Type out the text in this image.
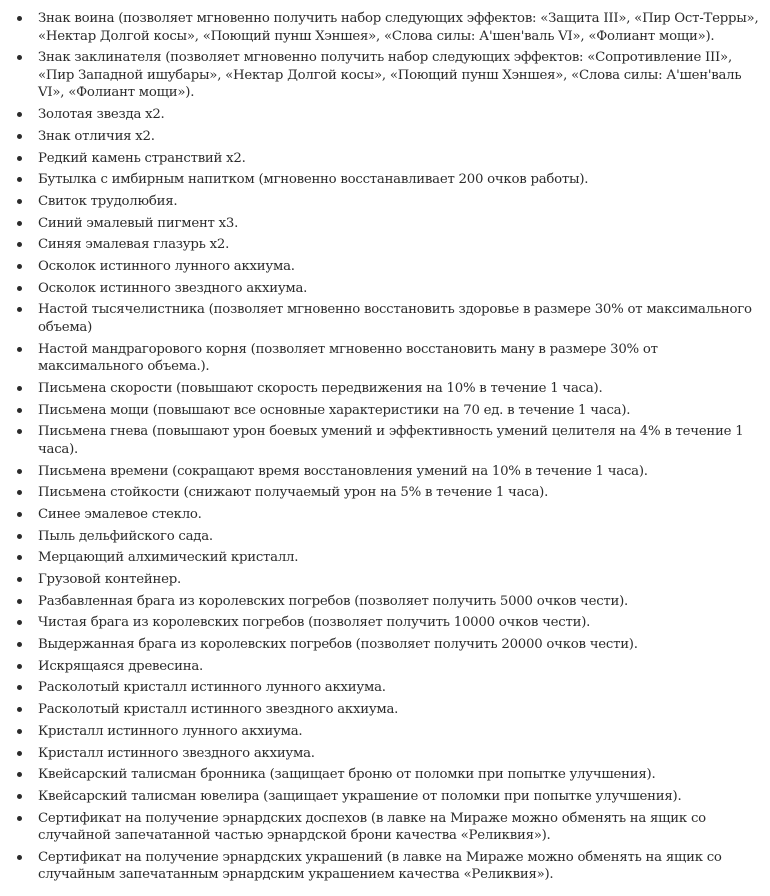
Знак воина (позволяет мгновенно получить набор следующих эффектов: «Защита III», «Пир Ост-Терры», «Нектар Долгой косы», «Поющий пунш Хэншея», «Слова силы: А'шен'валь VI», «Фолиант мощи»).
Знак заклинателя (позволяет мгновенно получить набор следующих эффектов: «Сопротивление III», «Пир Западной ишубары», «Нектар Долгой косы», «Поющий пунш Хэншея», «Слова силы: А'шен'валь VI», «Фолиант мощи»).
Золотая звезда x2.
Знак отличия x2.
Редкий камень странствий x2.
Бутылка с имбирным напитком (мгновенно восстанавливает 200 очков работы).
Свиток трудолюбия.
Синий эмалевый пигмент x3.
Синяя эмалевая глазурь x2.
Осколок истинного лунного акхиума.
Осколок истинного звездного акхиума.
Настой тысячелистника (позволяет мгновенно восстановить здоровье в размере 30% от максимального объема)
Настой мандрагорового корня (позволяет мгновенно восстановить ману в размере 30% от максимального объема.).
Письмена скорости (повышают скорость передвижения на 10% в течение 1 часа).
Письмена мощи (повышают все основные характеристики на 70 ед. в течение 1 часа).
Письмена гнева (повышают урон боевых умений и эффективность умений целителя на 4% в течение 1 часа).
Письмена времени (сокращают время восстановления умений на 10% в течение 1 часа).
Письмена стойкости (снижают получаемый урон на 5% в течение 1 часа).
Синее эмалевое стекло.
Пыль дельфийского сада.
Мерцающий алхимический кристалл.
Грузовой контейнер.
Разбавленная брага из королевских погребов (позволяет получить 5000 очков чести).
Чистая брага из королевских погребов (позволяет получить 10000 очков чести).
Выдержанная брага из королевских погребов (позволяет получить 20000 очков чести).
Искрящаяся древесина.
Расколотый кристалл истинного лунного акхиума.
Расколотый кристалл истинного звездного акхиума.
Кристалл истинного лунного акхиума.
Кристалл истинного звездного акхиума.
Квейсарский талисман бронника (защищает броню от поломки при попытке улучшения).
Квейсарский талисман ювелира (защищает украшение от поломки при попытке улучшения).
Сертификат на получение эрнардских доспехов (в лавке на Мираже можно обменять на ящик со случайной запечатанной частью эрнардской брони качества «Реликвия»).
Сертификат на получение эрнардских украшений (в лавке на Мираже можно обменять на ящик со случайным запечатанным эрнардским украшением качества «Реликвия»).
